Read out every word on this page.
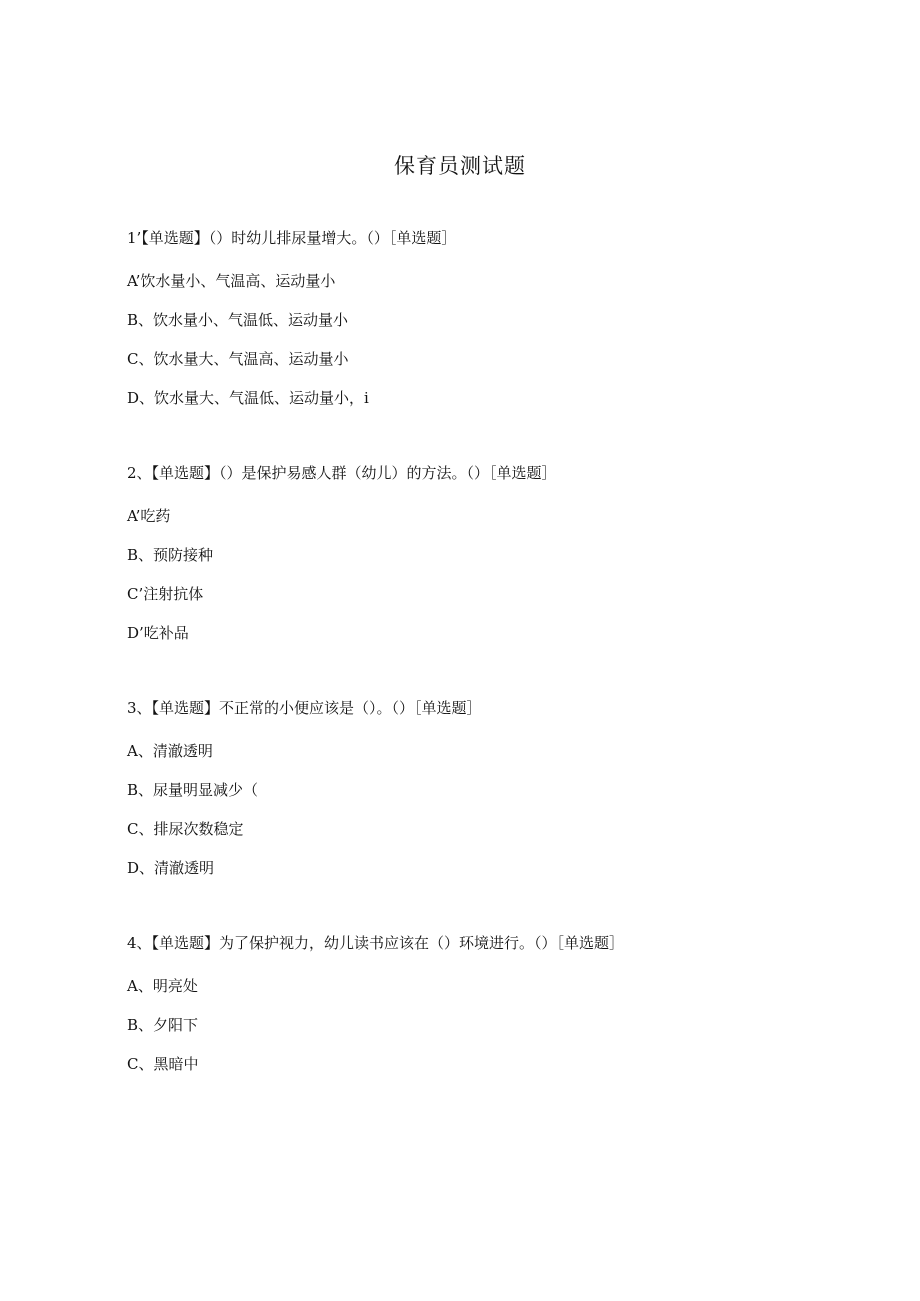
保育员测试题
1’【单选题】（）时幼儿排尿量增大。（）［单选题］
A’饮水量小、气温高、运动量小
B、饮水量小、气温低、运动量小
C、饮水量大、气温高、运动量小
D、饮水量大、气温低、运动量小，i
2、【单选题】（）是保护易感人群（幼儿）的方法。（）［单选题］
A’吃药
B、预防接种
C’注射抗体
D’吃补品
3、【单选题】不正常的小便应该是（）。（）［单选题］
A、清澈透明
B、尿量明显减少（
C、排尿次数稳定
D、清澈透明
4、【单选题】为了保护视力，幼儿读书应该在（）环境进行。（）［单选题］
A、明亮处
B、夕阳下
C、黑暗中
